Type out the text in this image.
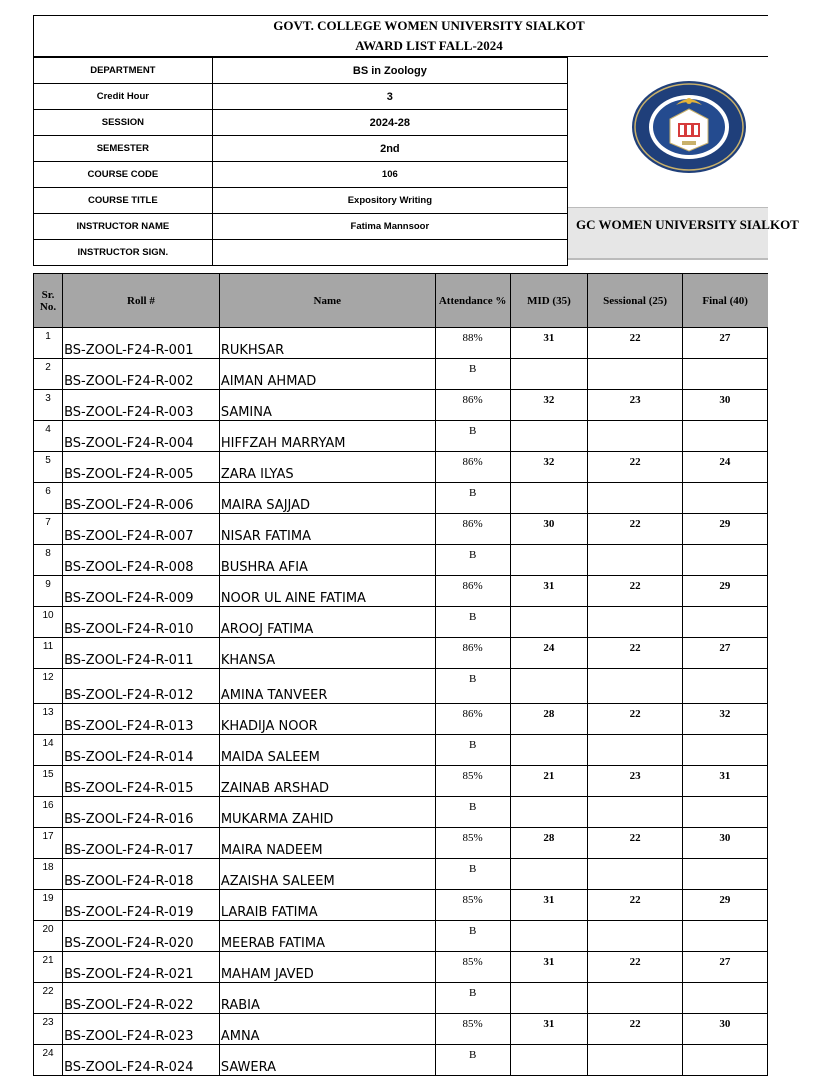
GOVT. COLLEGE WOMEN UNIVERSITY SIALKOT
AWARD LIST FALL-2024
DEPARTMENT	BS in Zoology
Credit Hour	3
SESSION	2024-28
SEMESTER	2nd
COURSE CODE	106
COURSE TITLE	Expository Writing
INSTRUCTOR NAME	Fatima Mannsoor
INSTRUCTOR SIGN.	
GC WOMEN UNIVERSITY SIALKOT
Sr. No.	Roll #	Name	Attendance %	MID (35)	Sessional (25)	Final (40)
1	BS-ZOOL-F24-R-001	RUKHSAR	88%	31	22	27
2	BS-ZOOL-F24-R-002	AIMAN AHMAD	B			
3	BS-ZOOL-F24-R-003	SAMINA	86%	32	23	30
4	BS-ZOOL-F24-R-004	HIFFZAH MARRYAM	B			
5	BS-ZOOL-F24-R-005	ZARA ILYAS	86%	32	22	24
6	BS-ZOOL-F24-R-006	MAIRA SAJJAD	B			
7	BS-ZOOL-F24-R-007	NISAR FATIMA	86%	30	22	29
8	BS-ZOOL-F24-R-008	BUSHRA AFIA	B			
9	BS-ZOOL-F24-R-009	NOOR UL AINE FATIMA	86%	31	22	29
10	BS-ZOOL-F24-R-010	AROOJ FATIMA	B			
11	BS-ZOOL-F24-R-011	KHANSA	86%	24	22	27
12	BS-ZOOL-F24-R-012	AMINA TANVEER	B			
13	BS-ZOOL-F24-R-013	KHADIJA NOOR	86%	28	22	32
14	BS-ZOOL-F24-R-014	MAIDA SALEEM	B			
15	BS-ZOOL-F24-R-015	ZAINAB ARSHAD	85%	21	23	31
16	BS-ZOOL-F24-R-016	MUKARMA ZAHID	B			
17	BS-ZOOL-F24-R-017	MAIRA NADEEM	85%	28	22	30
18	BS-ZOOL-F24-R-018	AZAISHA SALEEM	B			
19	BS-ZOOL-F24-R-019	LARAIB FATIMA	85%	31	22	29
20	BS-ZOOL-F24-R-020	MEERAB FATIMA	B			
21	BS-ZOOL-F24-R-021	MAHAM JAVED	85%	31	22	27
22	BS-ZOOL-F24-R-022	RABIA	B			
23	BS-ZOOL-F24-R-023	AMNA	85%	31	22	30
24	BS-ZOOL-F24-R-024	SAWERA	B			
